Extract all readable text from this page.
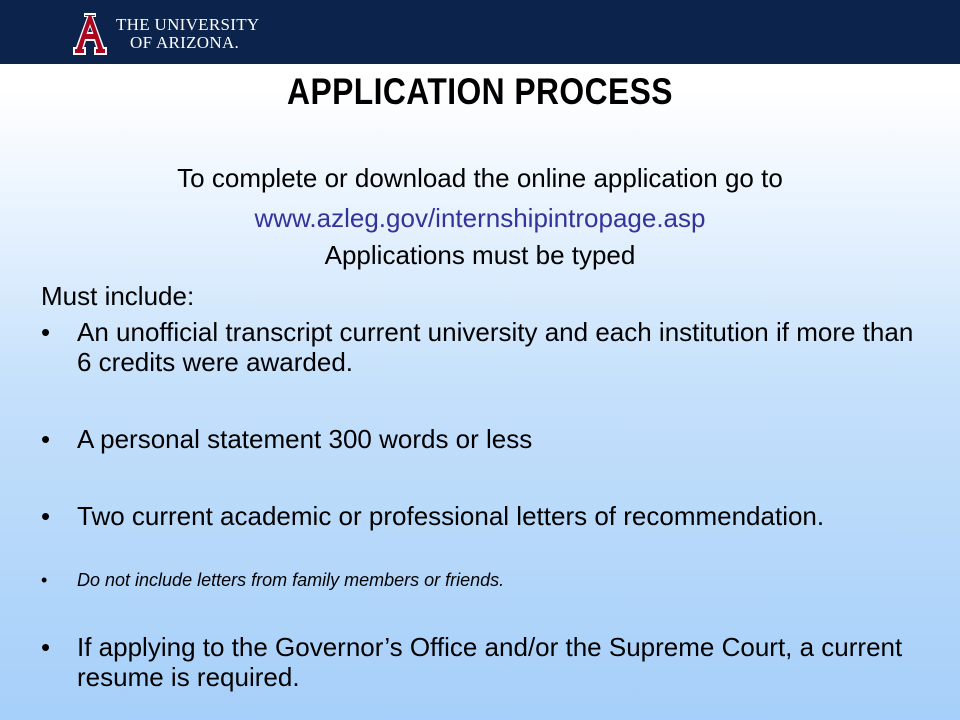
THE UNIVERSITY
OF ARIZONA.
APPLICATION PROCESS
To complete or download the online application go to
www.azleg.gov/internshipintropage.asp
Applications must be typed
Must include:
• An unofficial transcript current university and each institution if more than 6 credits were awarded.
• A personal statement 300 words or less
• Two current academic or professional letters of recommendation.
• Do not include letters from family members or friends.
• If applying to the Governor’s Office and/or the Supreme Court, a current resume is required.
